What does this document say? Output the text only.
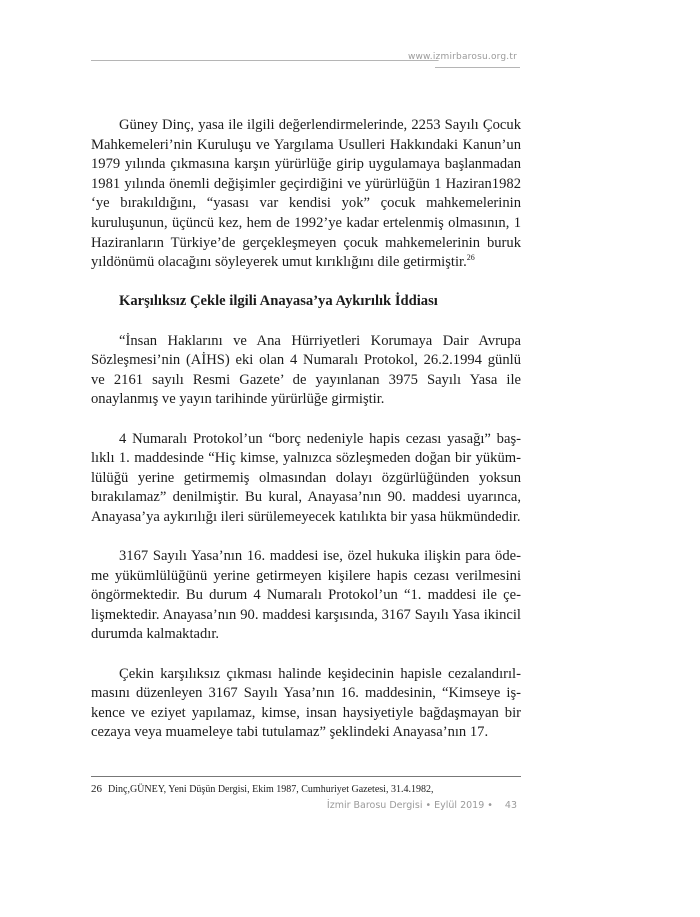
www.izmirbarosu.org.tr

Güney Dinç, yasa ile ilgili değerlendirmelerinde, 2253 Sayılı Çocuk Mahkemeleri’nin Kuruluşu ve Yargılama Usulleri Hakkındaki Kanun’un 1979 yılında çıkmasına karşın yürürlüğe girip uygulamaya başlanmadan 1981 yılında önemli değişimler geçirdiğini ve yürürlüğün 1 Haziran1982 ‘ye bırakıldığını, “yasası var kendisi yok” çocuk mahkemelerinin kuruluşunun, üçüncü kez, hem de 1992’ye kadar ertelenmiş olmasının, 1 Haziranların Türkiye’de gerçekleşmeyen çocuk mahkemelerinin buruk yıldönümü olacağını söyleyerek umut kırıklığını dile getirmiştir.$^{26}$

Karşılıksız Çekle ilgili Anayasa’ya Aykırılık İddiası

“İnsan Haklarını ve Ana Hürriyetleri Korumaya Dair Avrupa Sözleşmesi’nin (AİHS) eki olan 4 Numaralı Protokol, 26.2.1994 günlü ve 2161 sayılı Resmi Gazete’ de yayınlanan 3975 Sayılı Yasa ile onaylanmış ve yayın tarihinde yürürlüğe girmiştir.

4 Numaralı Protokol’un “borç nedeniyle hapis cezası yasağı” başlıklı 1. maddesinde “Hiç kimse, yalnızca sözleşmeden doğan bir yükümlülüğü yerine getirmemiş olmasından dolayı özgürlüğünden yoksun bırakılamaz” denilmiştir. Bu kural, Anayasa’nın 90. maddesi uyarınca, Anayasa’ya aykırılığı ileri sürülemeyecek katılıkta bir yasa hükmündedir.

3167 Sayılı Yasa’nın 16. maddesi ise, özel hukuka ilişkin para ödeme yükümlülüğünü yerine getirmeyen kişilere hapis cezası verilmesini öngörmektedir. Bu durum 4 Numaralı Protokol’un “1. maddesi ile çelişmektedir. Anayasa’nın 90. maddesi karşısında, 3167 Sayılı Yasa ikincil durumda kalmaktadır.

Çekin karşılıksız çıkması halinde keşidecinin hapisle cezalandırılmasını düzenleyen 3167 Sayılı Yasa’nın 16. maddesinin, “Kimseye işkence ve eziyet yapılamaz, kimse, insan haysiyetiyle bağdaşmayan bir cezaya veya muameleye tabi tutulamaz” şeklindeki Anayasa’nın 17.

26 Dinç,GÜNEY, Yeni Düşün Dergisi, Ekim 1987, Cumhuriyet Gazetesi, 31.4.1982,
İzmir Barosu Dergisi • Eylül 2019 • 43
